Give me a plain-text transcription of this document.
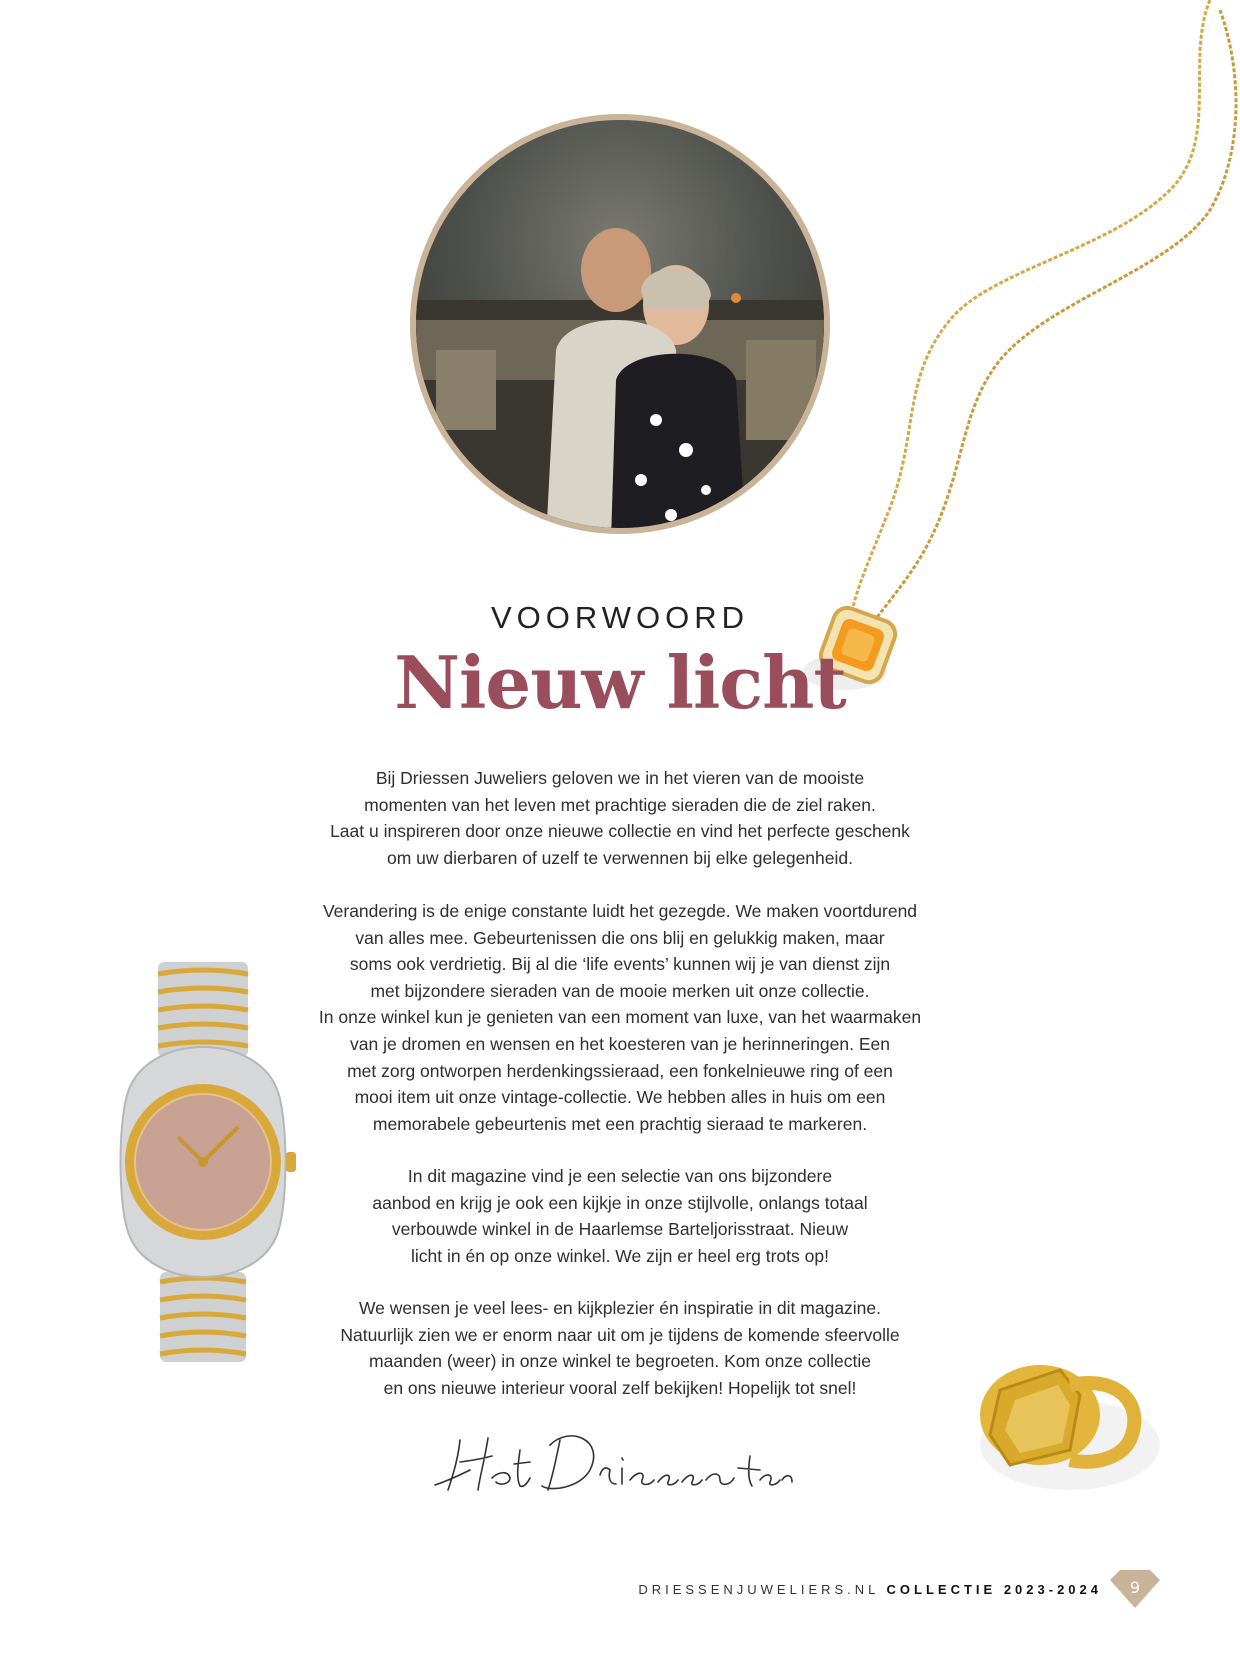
VOORWOORD
Nieuw licht
Bij Driessen Juweliers geloven we in het vieren van de mooiste
momenten van het leven met prachtige sieraden die de ziel raken.
Laat u inspireren door onze nieuwe collectie en vind het perfecte geschenk
om uw dierbaren of uzelf te verwennen bij elke gelegenheid.
Verandering is de enige constante luidt het gezegde. We maken voortdurend
van alles mee. Gebeurtenissen die ons blij en gelukkig maken, maar
soms ook verdrietig. Bij al die ‘life events’ kunnen wij je van dienst zijn
met bijzondere sieraden van de mooie merken uit onze collectie.
In onze winkel kun je genieten van een moment van luxe, van het waarmaken
van je dromen en wensen en het koesteren van je herinneringen. Een
met zorg ontworpen herdenkingssieraad, een fonkelnieuwe ring of een
mooi item uit onze vintage-collectie. We hebben alles in huis om een
memorabele gebeurtenis met een prachtig sieraad te markeren.
In dit magazine vind je een selectie van ons bijzondere
aanbod en krijg je ook een kijkje in onze stijlvolle, onlangs totaal
verbouwde winkel in de Haarlemse Barteljorisstraat. Nieuw
licht in én op onze winkel. We zijn er heel erg trots op!
We wensen je veel lees- en kijkplezier én inspiratie in dit magazine.
Natuurlijk zien we er enorm naar uit om je tijdens de komende sfeervolle
maanden (weer) in onze winkel te begroeten. Kom onze collectie
en ons nieuwe interieur vooral zelf bekijken! Hopelijk tot snel!
DRIESSENJUWELIERS.NL COLLECTIE 2023-2024	9
